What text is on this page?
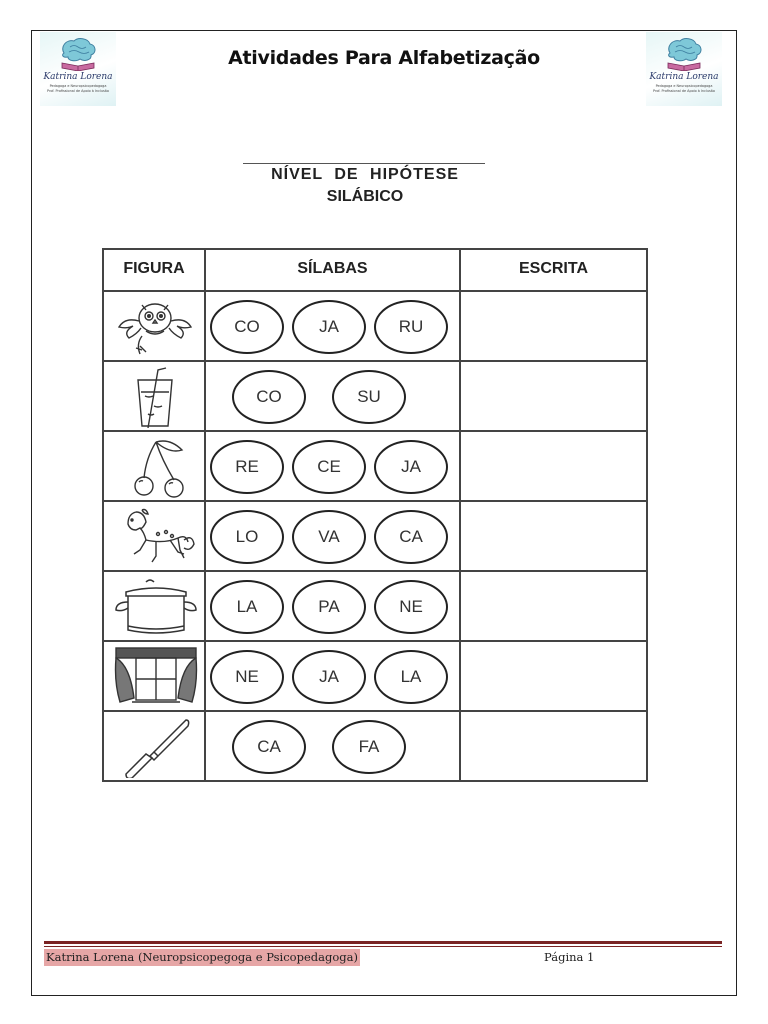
Katrina Lorena
Pedagoga e Neuropsicopedagoga
Prof. Profissional de Apoio à Inclusão
Atividades Para Alfabetização
Katrina Lorena
Pedagoga e Neuropsicopedagoga
Prof. Profissional de Apoio à Inclusão
NÍVEL DE HIPÓTESE
SILÁBICO
FIGURA	SÍLABAS	ESCRITA

CO JA RU	

CO SU	

RE CE JA	

LO VA CA	

LA PA NE	

NE JA LA	

CA FA	

Katrina Lorena (Neuropsicopegoga e Psicopedagoga)	Página 1
